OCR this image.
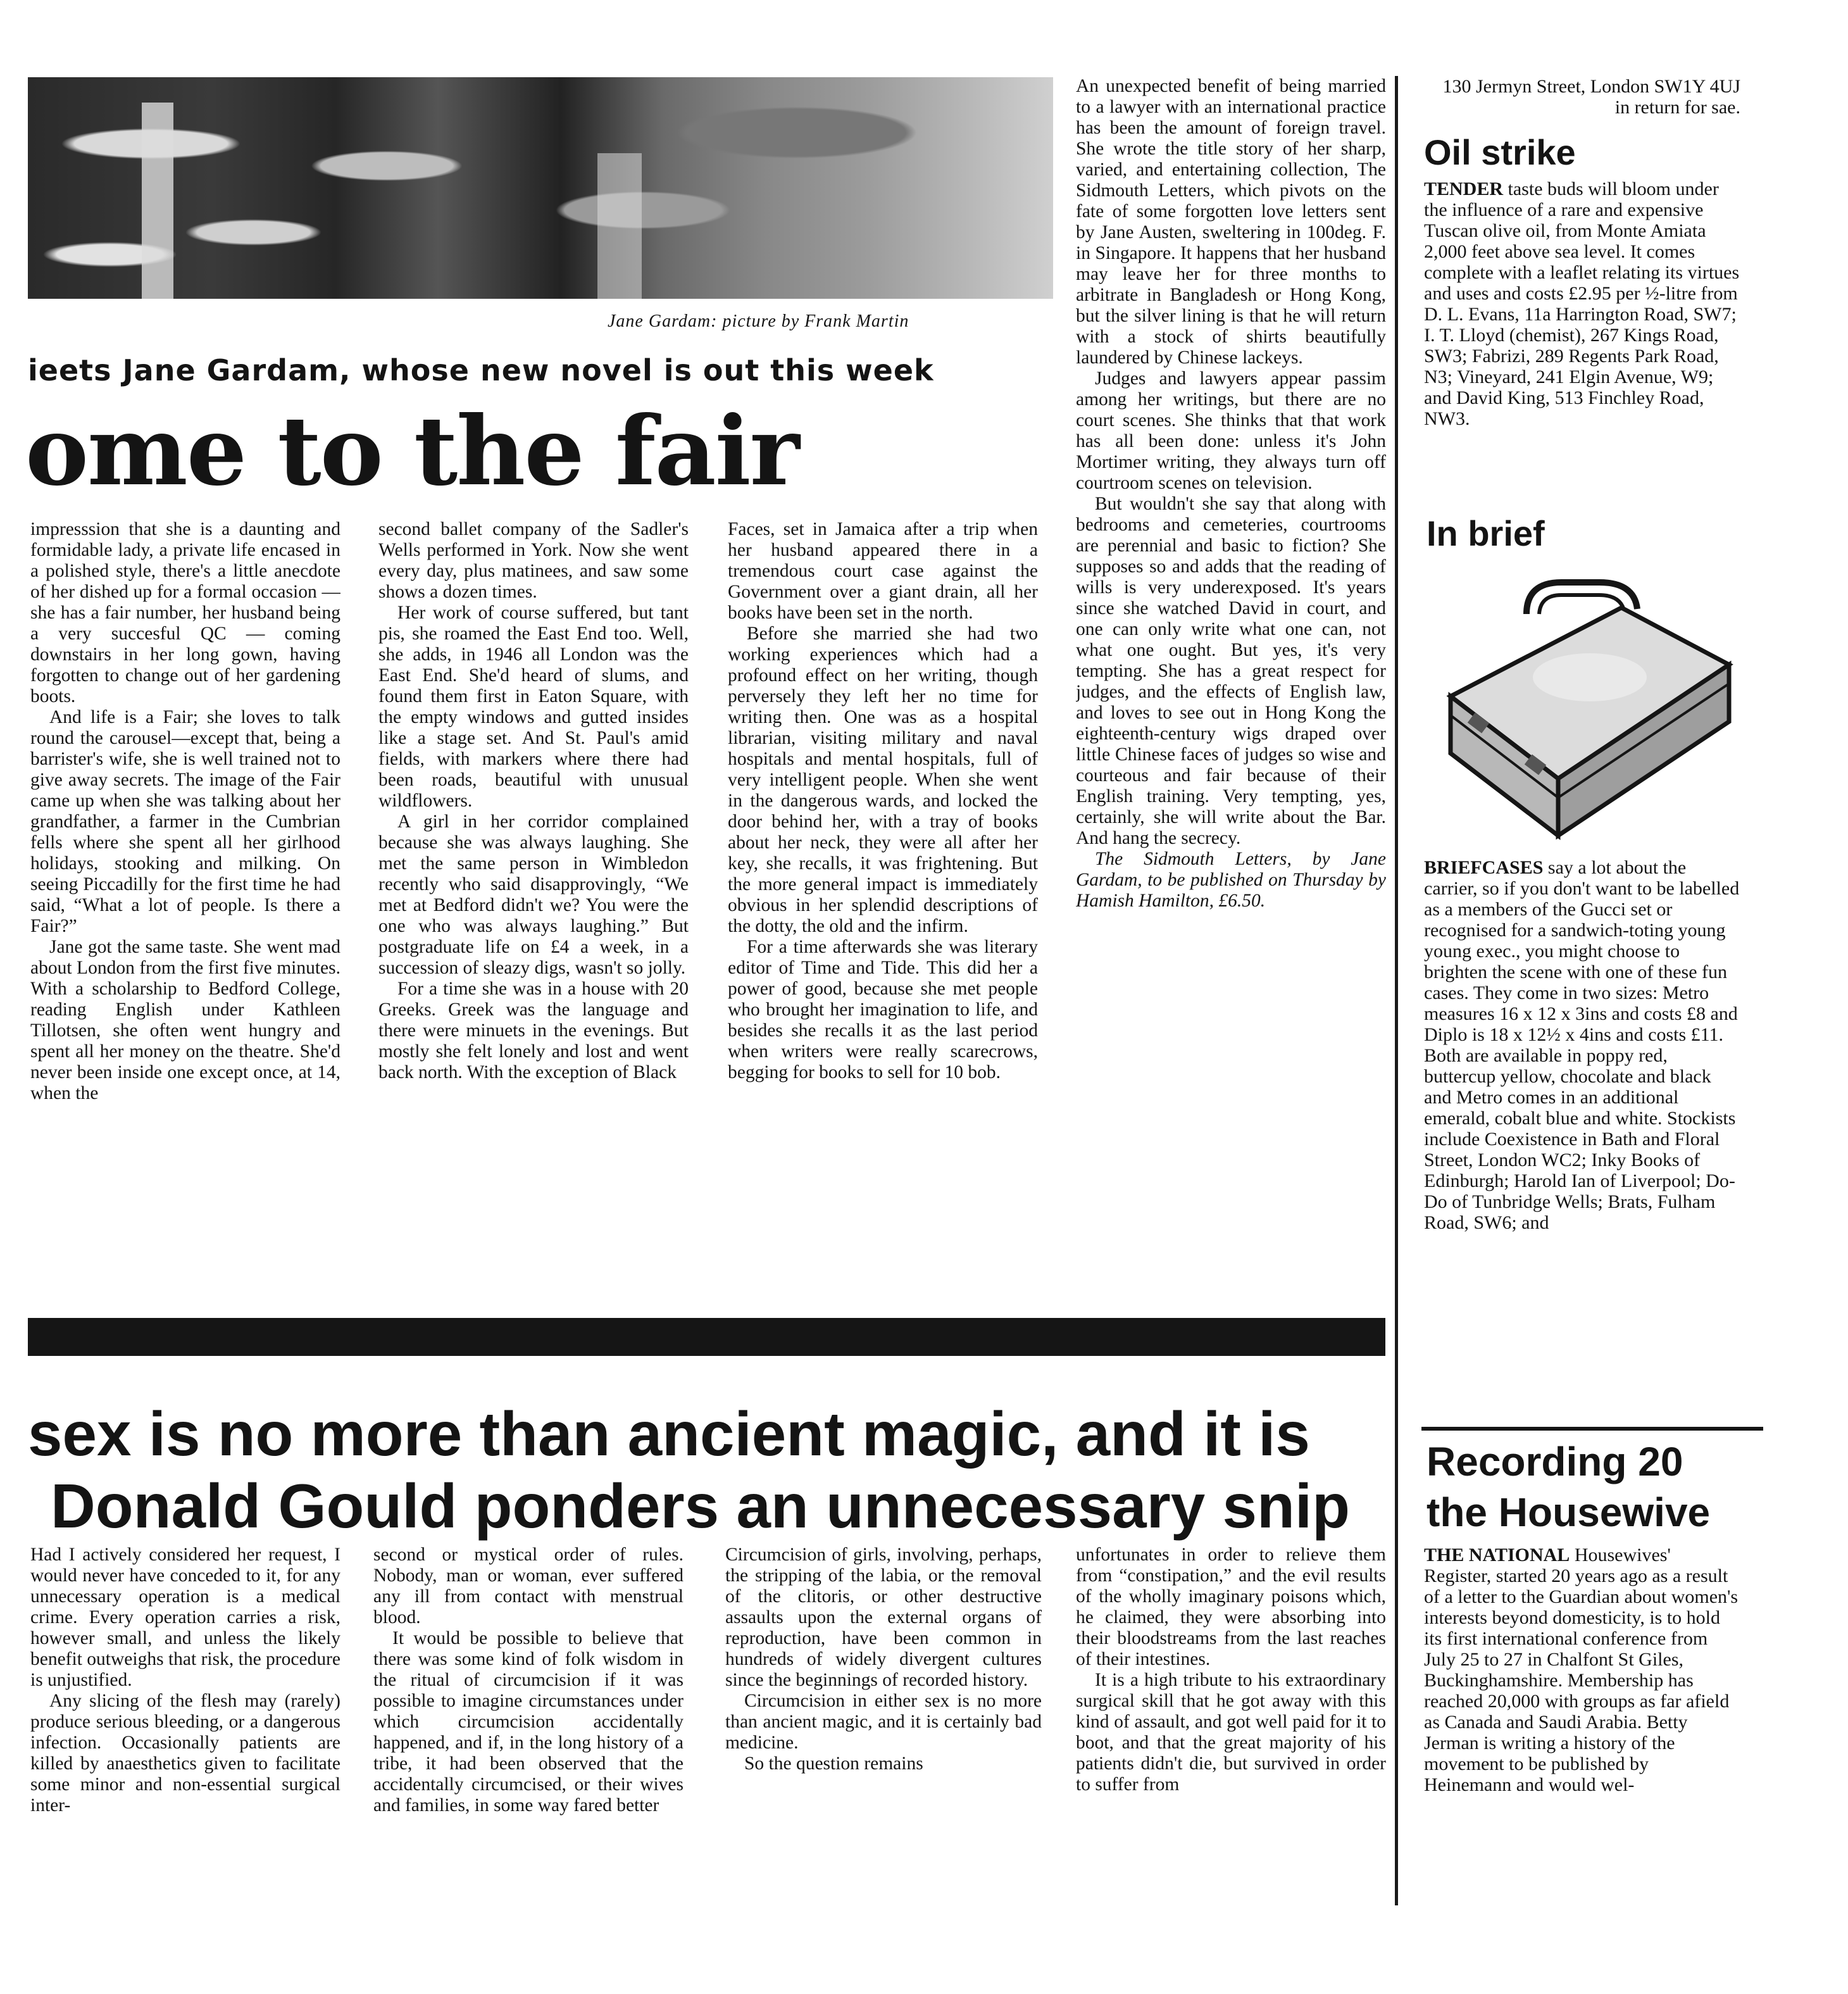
Jane Gardam: picture by Frank Martin
ieets Jane Gardam, whose new novel is out this week
ome to the fair

impresssion that she is a daunting and formidable lady, a private life encased in a polished style, there's a little anecdote of her dished up for a formal occasion — she has a fair number, her husband being a very succesful QC — coming downstairs in her long gown, having forgotten to change out of her gardening boots.

And life is a Fair; she loves to talk round the carousel—except that, being a barrister's wife, she is well trained not to give away secrets. The image of the Fair came up when she was talking about her grandfather, a farmer in the Cumbrian fells where she spent all her girlhood holidays, stooking and milking. On seeing Piccadilly for the first time he had said, “What a lot of people. Is there a Fair?”

Jane got the same taste. She went mad about London from the first five minutes. With a scholarship to Bedford College, reading English under Kathleen Tillotsen, she often went hungry and spent all her money on the theatre. She'd never been inside one except once, at 14, when the

second ballet company of the Sadler's Wells performed in York. Now she went every day, plus matinees, and saw some shows a dozen times.

Her work of course suffered, but tant pis, she roamed the East End too. Well, she adds, in 1946 all London was the East End. She'd heard of slums, and found them first in Eaton Square, with the empty windows and gutted insides like a stage set. And St. Paul's amid fields, with markers where there had been roads, beautiful with unusual wildflowers.

A girl in her corridor complained because she was always laughing. She met the same person in Wimbledon recently who said disapprovingly, “We met at Bedford didn't we? You were the one who was always laughing.” But postgraduate life on £4 a week, in a succession of sleazy digs, wasn't so jolly.

For a time she was in a house with 20 Greeks. Greek was the language and there were minuets in the evenings. But mostly she felt lonely and lost and went back north. With the exception of Black

Faces, set in Jamaica after a trip when her husband appeared there in a tremendous court case against the Government over a giant drain, all her books have been set in the north.

Before she married she had two working experiences which had a profound effect on her writing, though perversely they left her no time for writing then. One was as a hospital librarian, visiting military and naval hospitals and mental hospitals, full of very intelligent people. When she went in the dangerous wards, and locked the door behind her, with a tray of books about her neck, they were all after her key, she recalls, it was frightening. But the more general impact is immediately obvious in her splendid descriptions of the dotty, the old and the infirm.

For a time afterwards she was literary editor of Time and Tide. This did her a power of good, because she met people who brought her imagination to life, and besides she recalls it as the last period when writers were really scarecrows, begging for books to sell for 10 bob.

An unexpected benefit of being married to a lawyer with an international practice has been the amount of foreign travel. She wrote the title story of her sharp, varied, and entertaining collection, The Sidmouth Letters, which pivots on the fate of some forgotten love letters sent by Jane Austen, sweltering in 100deg. F. in Singapore. It happens that her husband may leave her for three months to arbitrate in Bangladesh or Hong Kong, but the silver lining is that he will return with a stock of shirts beautifully laundered by Chinese lackeys.

Judges and lawyers appear passim among her writings, but there are no court scenes. She thinks that that work has all been done: unless it's John Mortimer writing, they always turn off courtroom scenes on television.

But wouldn't she say that along with bedrooms and cemeteries, courtrooms are perennial and basic to fiction? She supposes so and adds that the reading of wills is very underexposed. It's years since she watched David in court, and one can only write what one can, not what one ought. But yes, it's very tempting. She has a great respect for judges, and the effects of English law, and loves to see out in Hong Kong the eighteenth-century wigs draped over little Chinese faces of judges so wise and courteous and fair because of their English training. Very tempting, yes, certainly, she will write about the Bar. And hang the secrecy.

The Sidmouth Letters, by Jane Gardam, to be published on Thursday by Hamish Hamilton, £6.50.

sex is no more than ancient magic, and it is
Donald Gould ponders an unnecessary snip

Had I actively considered her request, I would never have conceded to it, for any unnecessary operation is a medical crime. Every operation carries a risk, however small, and unless the likely benefit outweighs that risk, the procedure is unjustified.

Any slicing of the flesh may (rarely) produce serious bleeding, or a dangerous infection. Occasionally patients are killed by anaesthetics given to facilitate some minor and non-essential surgical inter-

second or mystical order of rules. Nobody, man or woman, ever suffered any ill from contact with menstrual blood.

It would be possible to believe that there was some kind of folk wisdom in the ritual of circumcision if it was possible to imagine circumstances under which circumcision accidentally happened, and if, in the long history of a tribe, it had been observed that the accidentally circumcised, or their wives and families, in some way fared better

Circumcision of girls, involving, perhaps, the stripping of the labia, or the removal of the clitoris, or other destructive assaults upon the external organs of reproduction, have been common in hundreds of widely divergent cultures since the beginnings of recorded history.

Circumcision in either sex is no more than ancient magic, and it is certainly bad medicine.

So the question remains

unfortunates in order to relieve them from “constipation,” and the evil results of the wholly imaginary poisons which, he claimed, they were absorbing into their bloodstreams from the last reaches of their intestines.

It is a high tribute to his extraordinary surgical skill that he got away with this kind of assault, and got well paid for it to boot, and that the great majority of his patients didn't die, but survived in order to suffer from

130 Jermyn Street, London SW1Y 4UJ in return for sae.

Oil strike

TENDER taste buds will bloom under the influence of a rare and expensive Tuscan olive oil, from Monte Amiata 2,000 feet above sea level. It comes complete with a leaflet relating its virtues and uses and costs £2.95 per ½-litre from D. L. Evans, 11a Harrington Road, SW7; I. T. Lloyd (chemist), 267 Kings Road, SW3; Fabrizi, 289 Regents Park Road, N3; Vineyard, 241 Elgin Avenue, W9; and David King, 513 Finchley Road, NW3.

In brief

BRIEFCASES say a lot about the carrier, so if you don't want to be labelled as a members of the Gucci set or recognised for a sandwich-toting young young exec., you might choose to brighten the scene with one of these fun cases. They come in two sizes: Metro measures 16 x 12 x 3ins and costs £8 and Diplo is 18 x 12½ x 4ins and costs £11. Both are available in poppy red, buttercup yellow, chocolate and black and Metro comes in an additional emerald, cobalt blue and white. Stockists include Coexistence in Bath and Floral Street, London WC2; Inky Books of Edinburgh; Harold Ian of Liverpool; Do-Do of Tunbridge Wells; Brats, Fulham Road, SW6; and

Recording 20
the Housewive

THE NATIONAL Housewives' Register, started 20 years ago as a result of a letter to the Guardian about women's interests beyond domesticity, is to hold its first international conference from July 25 to 27 in Chalfont St Giles, Buckinghamshire. Membership has reached 20,000 with groups as far afield as Canada and Saudi Arabia. Betty Jerman is writing a history of the movement to be published by Heinemann and would wel-
